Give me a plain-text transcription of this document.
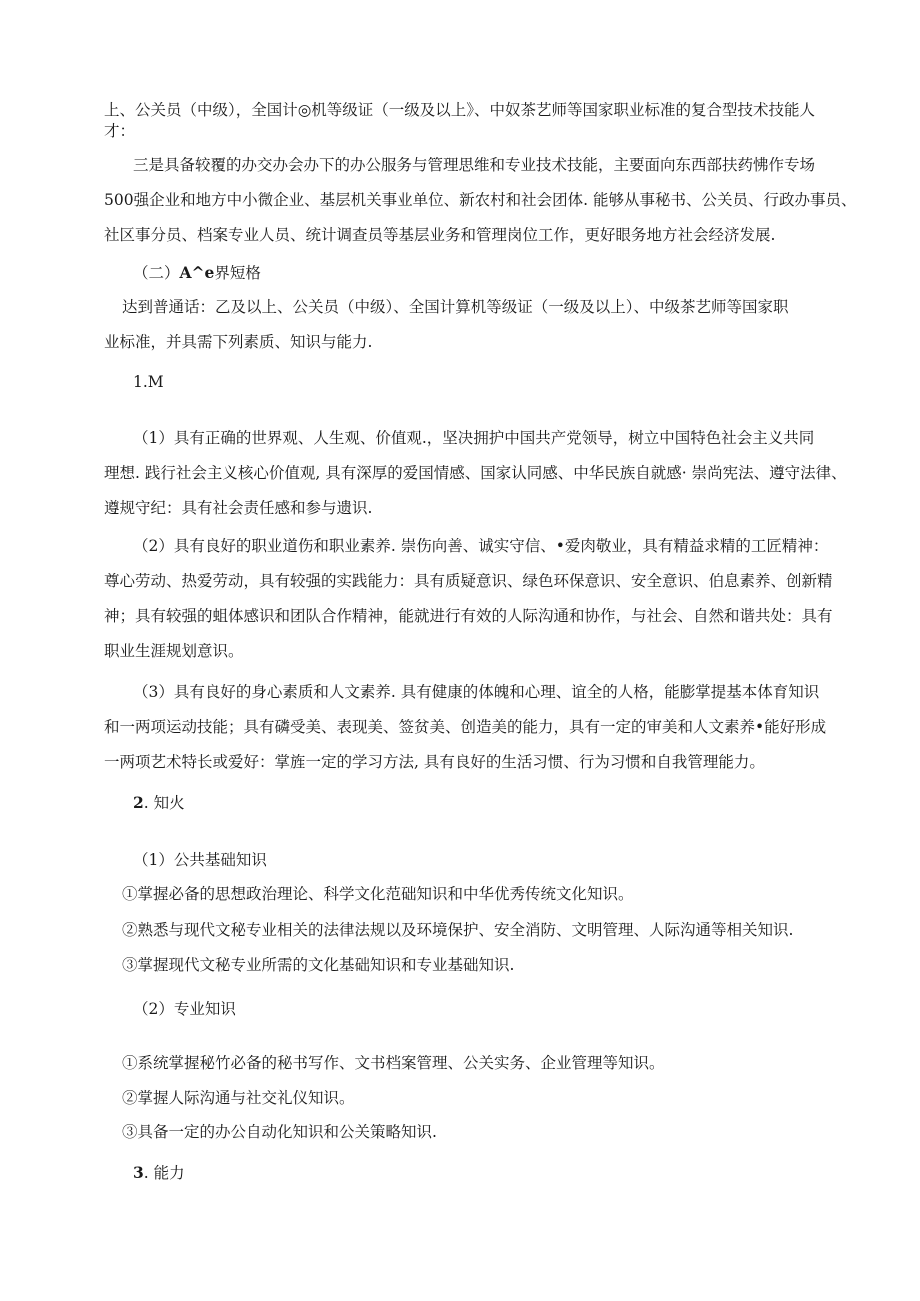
上、公关员（中级），全国计◎机等级证（一级及以上》、中奴茶艺师等国家职业标准的复合型技术技能人
才：
三是具备较覆的办交办会办下的办公服务与管理思维和专业技术技能，主要面向东西部扶药怫作专场
500强企业和地方中小微企业、基层机关事业单位、新农村和社会团体. 能够从事秘书、公关员、行政办事员、
社区事分员、档案专业人员、统计调查员等基层业务和管理岗位工作，更好眼务地方社会经济发展.
（二）A^e界短格
达到普通话：乙及以上、公关员（中级）、全国计算机等级证（一级及以上）、中级茶艺师等国家职
业标准，并具需下列素质、知识与能力.
1.M
（1）具有正确的世界观、人生观、价值观.，坚决拥护中国共产党领导，树立中国特色社会主义共同
理想. 践行社会主义核心价值观, 具有深厚的爱国情感、国家认同感、中华民族自就感· 崇尚宪法、遵守法律、
遵规守纪：具有社会责任感和参与遗识.
（2）具有良好的职业道伤和职业素养. 崇伤向善、诚实守信、•爱肉敬业，具有精益求精的工匠精神：
尊心劳动、热爱劳动，具有较强的实践能力：具有质疑意识、绿色环保意识、安全意识、伯息素养、创新精
神；具有较强的蛆体感识和团队合作精神，能就进行有效的人际沟通和协作，与社会、自然和谐共处：具有
职业生涯规划意识。
（3）具有良好的身心素质和人文素养. 具有健康的体魄和心理、谊全的人格，能膨掌提基本体育知识
和一两项运动技能；具有磷受美、表现美、签贫美、创造美的能力，具有一定的审美和人文素养•能好形成
一两项艺术特长或爱好：掌旌一定的学习方法, 具有良好的生活习惯、行为习惯和自我管理能力。
2. 知火
（1）公共基础知识
①掌握必备的思想政治理论、科学文化范础知识和中华优秀传统文化知识。
②熟悉与现代文秘专业相关的法律法规以及环境保护、安全消防、文明管理、人际沟通等相关知识.
③掌握现代文秘专业所需的文化基础知识和专业基础知识.
（2）专业知识
①系统掌握秘竹必备的秘书写作、文书档案管理、公关实务、企业管理等知识。
②掌握人际沟通与社交礼仪知识。
③具备一定的办公自动化知识和公关策略知识.
3. 能力
